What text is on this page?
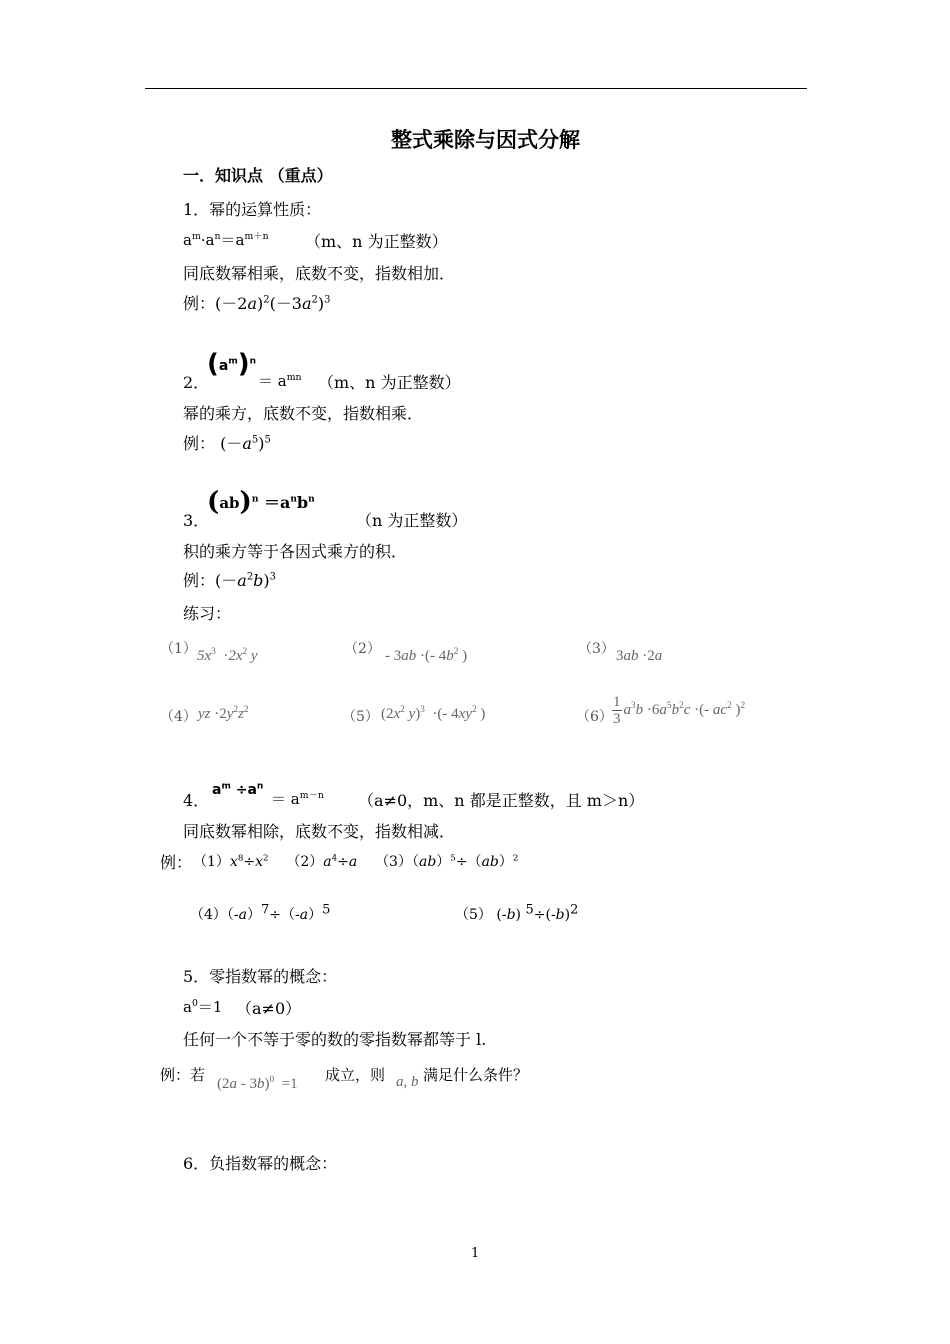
整式乘除与因式分解
一．知识点 （重点）
1．幂的运算性质：
$a^m\cdot a^n=a^{m+n}$ （m、n 为正整数）
同底数幂相乘，底数不变，指数相加．
例：$(-2a)^2(-3a^2)^3$
2．
$(a^m)^n$
＝ $a^{mn}$ （m、n 为正整数）
幂的乘方，底数不变，指数相乘．
例： $(-a^5)^5$
3．
$(ab)^n =a^nb^n$
（n 为正整数）
积的乘方等于各因式乘方的积．
例：$(-a^2b)^3$
练习：
（1） $5x^3 \cdot 2x^2$ y	（2） - 3ab ·(- $4b^2$ )	（3） 3ab ·2a
（4） yz $\cdot 2y^2z^2$	（5） ($2x^2$ y)$^3$  ·(- $4xy^2$ )	$(6) \frac{1}{3} a^3b \cdot 6a^5b^2c$ ·(- $ac^2$ )$^2$
4．
$a^m \div a^n$
＝ $a^{m-n}$ （a≠0，m、n 都是正整数，且 m＞n）
同底数幂相除，底数不变，指数相减．
例： $(1)x^8\div x^2$ $(2)a^4\div a$ （3）（ab）$^5$÷（ab）$^2$
$(4)(-a)^7\div(-a)^5$	（5） (-b) $^5\div(-b)^2$
5．零指数幂的概念：
$a^0=1$ （a≠0）
任何一个不等于零的数的零指数幂都等于 l.
例：若 (2a - 3b)$^0$  =1 成立，则 a, b 满足什么条件？
6．负指数幂的概念：
1
